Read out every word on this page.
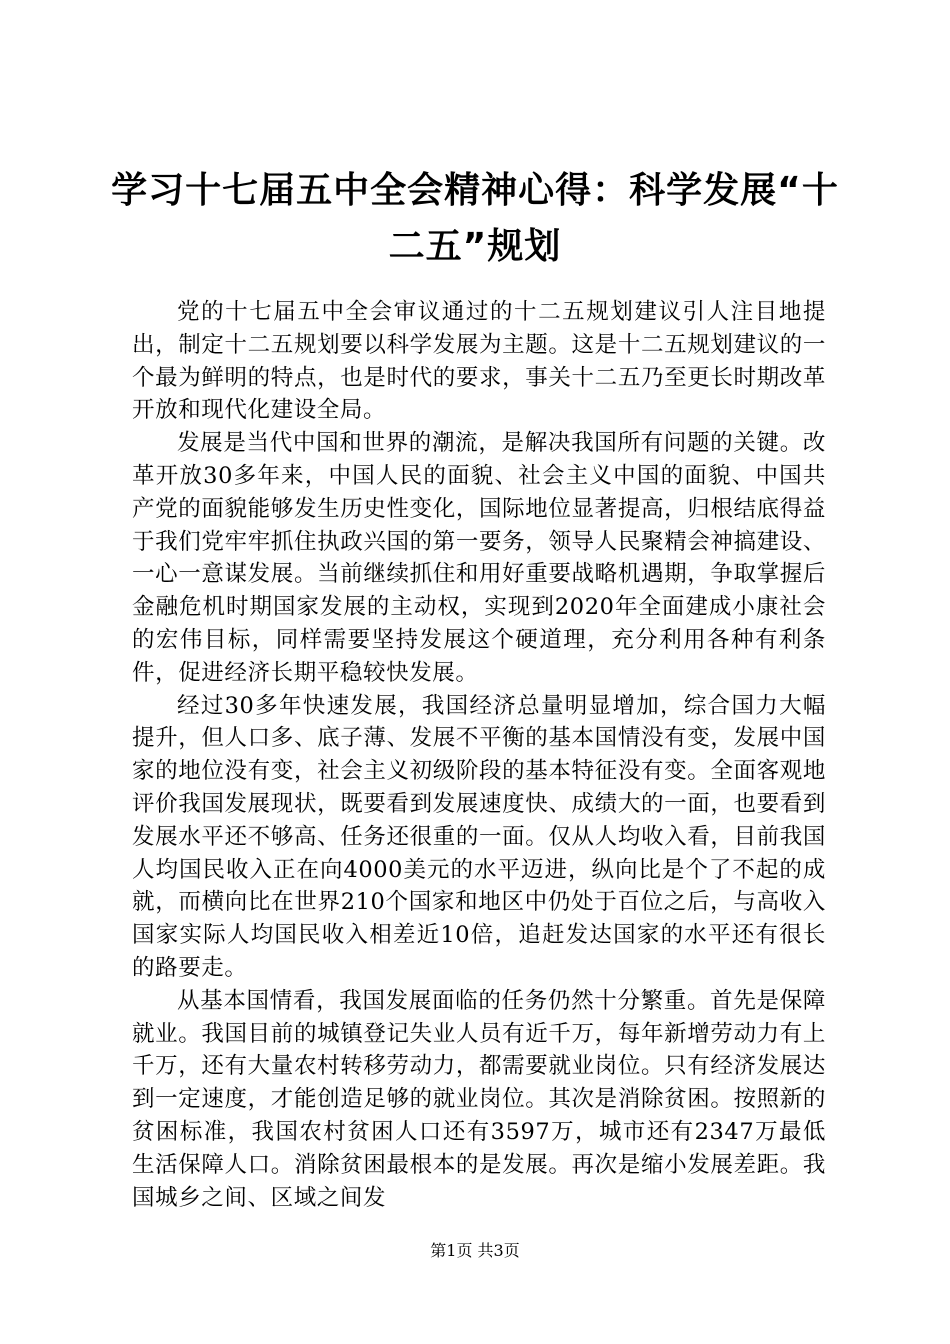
学习十七届五中全会精神心得：科学发展“十二五”规划

党的十七届五中全会审议通过的十二五规划建议引人注目地提出，制定十二五规划要以科学发展为主题。这是十二五规划建议的一个最为鲜明的特点，也是时代的要求，事关十二五乃至更长时期改革开放和现代化建设全局。

发展是当代中国和世界的潮流，是解决我国所有问题的关键。改革开放30多年来，中国人民的面貌、社会主义中国的面貌、中国共产党的面貌能够发生历史性变化，国际地位显著提高，归根结底得益于我们党牢牢抓住执政兴国的第一要务，领导人民聚精会神搞建设、一心一意谋发展。当前继续抓住和用好重要战略机遇期，争取掌握后金融危机时期国家发展的主动权，实现到2020年全面建成小康社会的宏伟目标，同样需要坚持发展这个硬道理，充分利用各种有利条件，促进经济长期平稳较快发展。

经过30多年快速发展，我国经济总量明显增加，综合国力大幅提升，但人口多、底子薄、发展不平衡的基本国情没有变，发展中国家的地位没有变，社会主义初级阶段的基本特征没有变。全面客观地评价我国发展现状，既要看到发展速度快、成绩大的一面，也要看到发展水平还不够高、任务还很重的一面。仅从人均收入看，目前我国人均国民收入正在向4000美元的水平迈进，纵向比是个了不起的成就，而横向比在世界210个国家和地区中仍处于百位之后，与高收入国家实际人均国民收入相差近10倍，追赶发达国家的水平还有很长的路要走。

从基本国情看，我国发展面临的任务仍然十分繁重。首先是保障就业。我国目前的城镇登记失业人员有近千万，每年新增劳动力有上千万，还有大量农村转移劳动力，都需要就业岗位。只有经济发展达到一定速度，才能创造足够的就业岗位。其次是消除贫困。按照新的贫困标准，我国农村贫困人口还有3597万，城市还有2347万最低生活保障人口。消除贫困最根本的是发展。再次是缩小发展差距。我国城乡之间、区域之间发

第1页 共3页
